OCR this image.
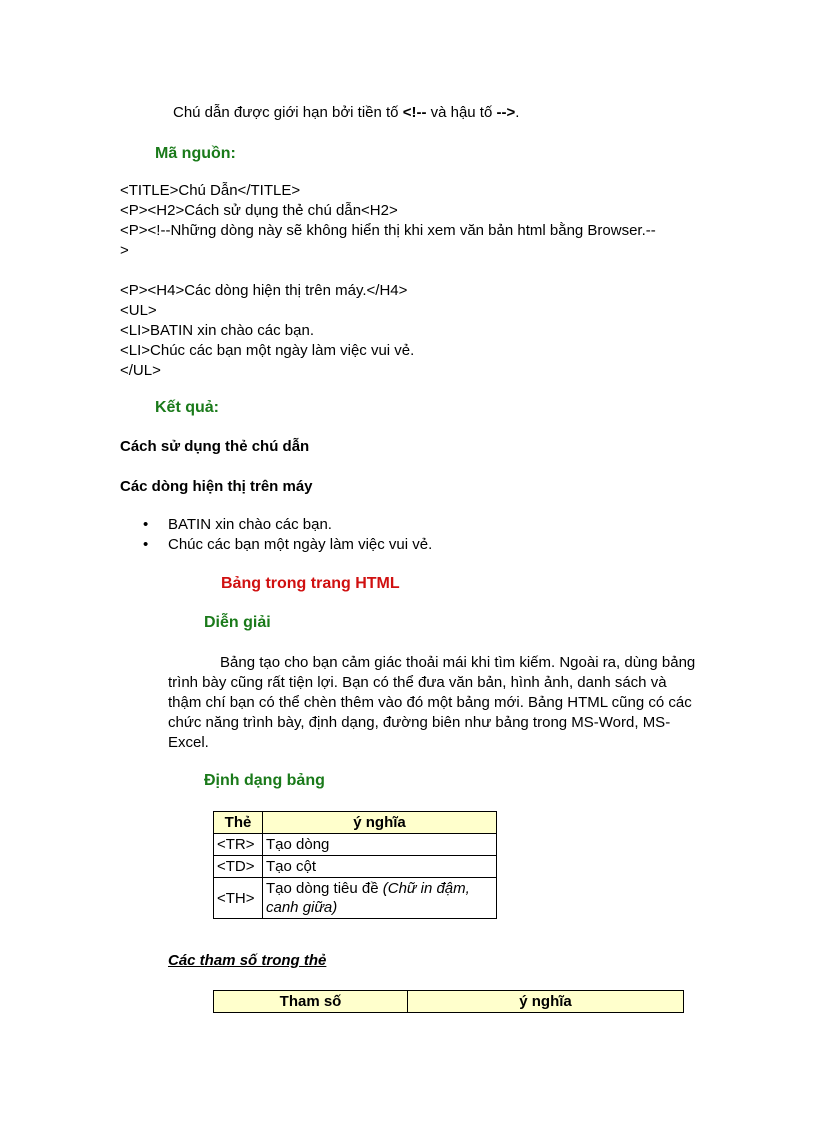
Chú dẫn được giới hạn bởi tiền tố <!-- và hậu tố -->.
Mã nguồn:
<TITLE>Chú Dẫn</TITLE>
<P><H2>Cách sử dụng thẻ chú dẫn<H2>
<P><!--Những dòng này sẽ không hiển thị khi xem văn bản html bằng Browser.--
>
<P><H4>Các dòng hiện thị trên máy.</H4>
<UL>
<LI>BATIN xin chào các bạn.
<LI>Chúc các bạn một ngày làm việc vui vẻ.
</UL>
Kết quả:
Cách sử dụng thẻ chú dẫn
Các dòng hiện thị trên máy
• BATIN xin chào các bạn.
• Chúc các bạn một ngày làm việc vui vẻ.
Bảng trong trang HTML
Diễn giải
Bảng tạo cho bạn cảm giác thoải mái khi tìm kiếm. Ngoài ra, dùng bảng trình bày cũng rất tiện lợi. Bạn có thể đưa văn bản, hình ảnh, danh sách và thậm chí bạn có thể chèn thêm vào đó một bảng mới. Bảng HTML cũng có các chức năng trình bày, định dạng, đường biên như bảng trong MS-Word, MS-Excel.
Định dạng bảng
Thẻ	ý nghĩa
<TR>	Tạo dòng
<TD>	Tạo cột
<TH>	Tạo dòng tiêu đề (Chữ in đậm, canh giữa)
Các tham số trong thẻ
Tham số	ý nghĩa
